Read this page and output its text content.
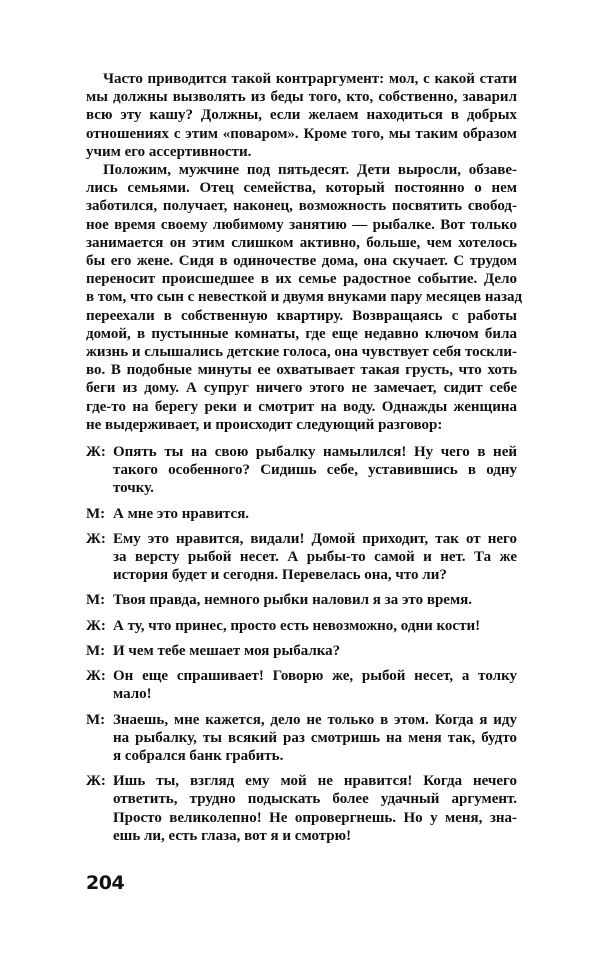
Часто приводится такой контраргумент: мол, с какой стати
мы должны вызволять из беды того, кто, собственно, заварил
всю эту кашу? Должны, если желаем находиться в добрых
отношениях с этим «поваром». Кроме того, мы таким образом
учим его ассертивности.
Положим, мужчине под пятьдесят. Дети выросли, обзаве-
лись семьями. Отец семейства, который постоянно о нем
заботился, получает, наконец, возможность посвятить свобод-
ное время своему любимому занятию — рыбалке. Вот только
занимается он этим слишком активно, больше, чем хотелось
бы его жене. Сидя в одиночестве дома, она скучает. С трудом
переносит происшедшее в их семье радостное событие. Дело
в том, что сын с невесткой и двумя внуками пару месяцев назад
переехали в собственную квартиру. Возвращаясь с работы
домой, в пустынные комнаты, где еще недавно ключом била
жизнь и слышались детские голоса, она чувствует себя тоскли-
во. В подобные минуты ее охватывает такая грусть, что хоть
беги из дому. А супруг ничего этого не замечает, сидит себе
где-то на берегу реки и смотрит на воду. Однажды женщина
не выдерживает, и происходит следующий разговор:
Ж: Опять ты на свою рыбалку намылился! Ну чего в ней
такого особенного? Сидишь себе, уставившись в одну
точку.
М: А мне это нравится.
Ж: Ему это нравится, видали! Домой приходит, так от него
за версту рыбой несет. А рыбы-то самой и нет. Та же
история будет и сегодня. Перевелась она, что ли?
М: Твоя правда, немного рыбки наловил я за это время.
Ж: А ту, что принес, просто есть невозможно, одни кости!
М: И чем тебе мешает моя рыбалка?
Ж: Он еще спрашивает! Говорю же, рыбой несет, а толку
мало!
М: Знаешь, мне кажется, дело не только в этом. Когда я иду
на рыбалку, ты всякий раз смотришь на меня так, будто
я собрался банк грабить.
Ж: Ишь ты, взгляд ему мой не нравится! Когда нечего
ответить, трудно подыскать более удачный аргумент.
Просто великолепно! Не опровергнешь. Но у меня, зна-
ешь ли, есть глаза, вот я и смотрю!
204
